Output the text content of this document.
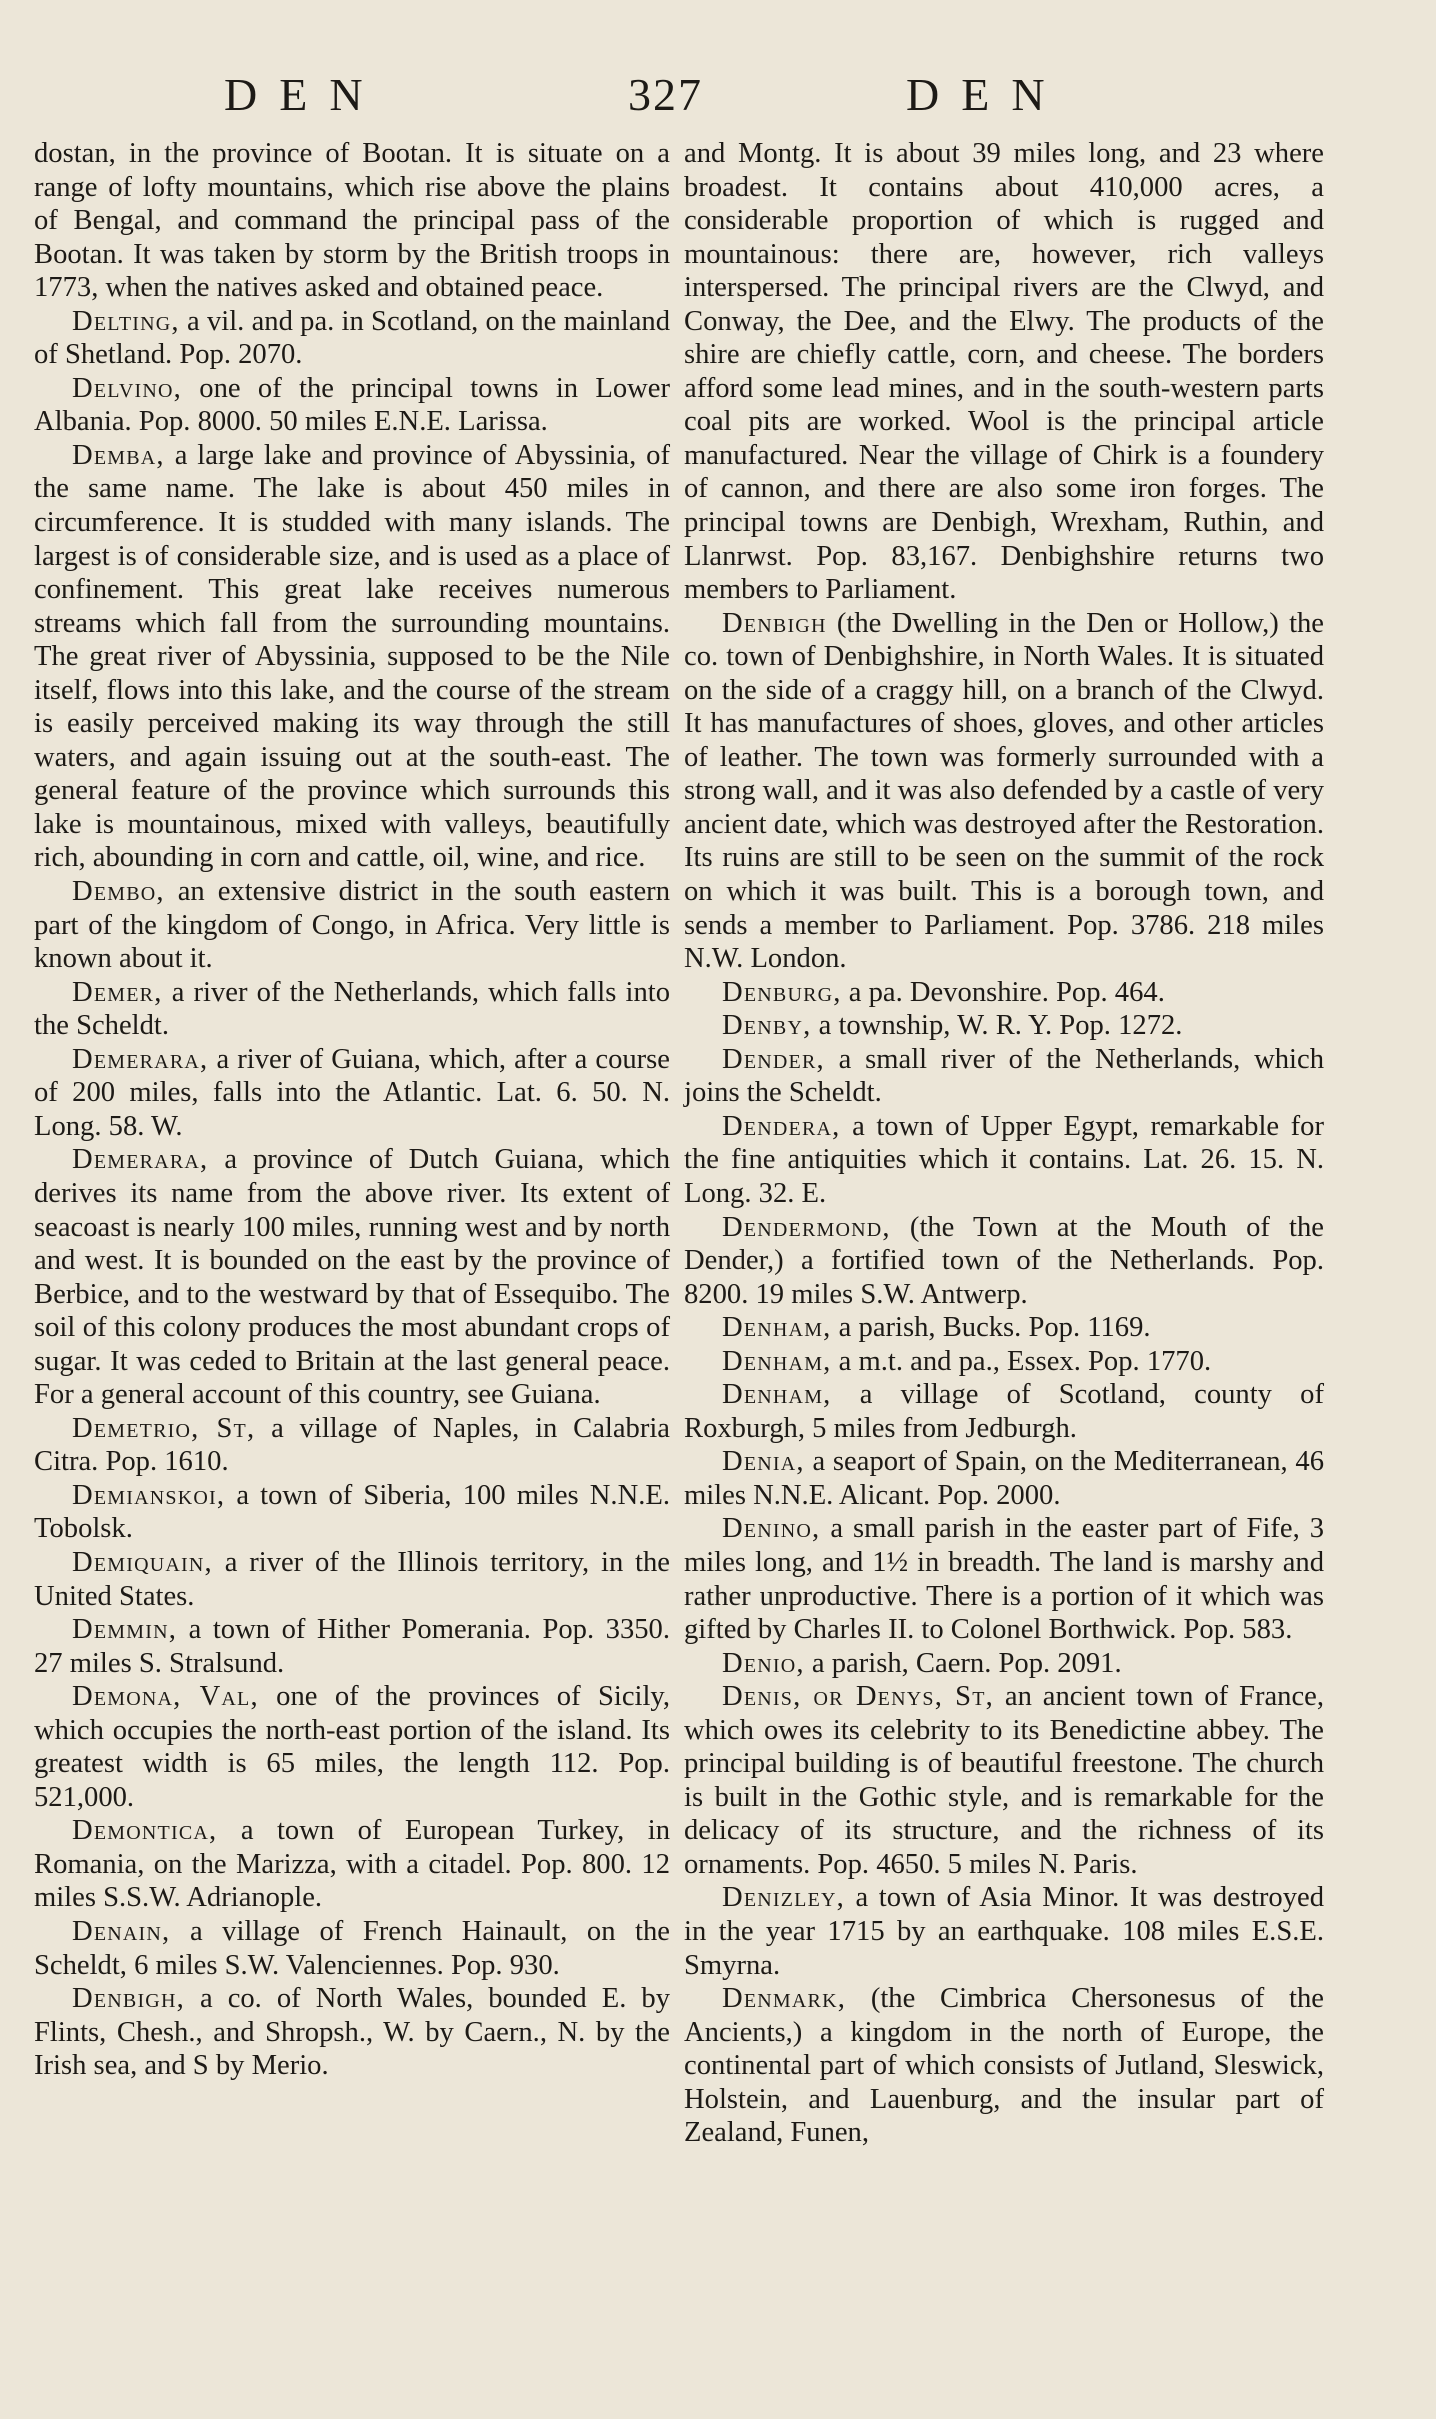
DEN	327	DEN

dostan, in the province of Bootan. It is situate on a range of lofty mountains, which rise above the plains of Bengal, and command the principal pass of the Bootan. It was taken by storm by the British troops in 1773, when the natives asked and obtained peace.

Delting, a vil. and pa. in Scotland, on the mainland of Shetland. Pop. 2070.

Delvino, one of the principal towns in Lower Albania. Pop. 8000. 50 miles E.N.E. Larissa.

Demba, a large lake and province of Abyssinia, of the same name. The lake is about 450 miles in circumference. It is studded with many islands. The largest is of considerable size, and is used as a place of confinement. This great lake receives numerous streams which fall from the surrounding mountains. The great river of Abyssinia, supposed to be the Nile itself, flows into this lake, and the course of the stream is easily perceived making its way through the still waters, and again issuing out at the south-east. The general feature of the province which surrounds this lake is mountainous, mixed with valleys, beautifully rich, abounding in corn and cattle, oil, wine, and rice.

Dembo, an extensive district in the south eastern part of the kingdom of Congo, in Africa. Very little is known about it.

Demer, a river of the Netherlands, which falls into the Scheldt.

Demerara, a river of Guiana, which, after a course of 200 miles, falls into the Atlantic. Lat. 6. 50. N. Long. 58. W.

Demerara, a province of Dutch Guiana, which derives its name from the above river. Its extent of seacoast is nearly 100 miles, running west and by north and west. It is bounded on the east by the province of Berbice, and to the westward by that of Essequibo. The soil of this colony produces the most abundant crops of sugar. It was ceded to Britain at the last general peace. For a general account of this country, see Guiana.

Demetrio, St, a village of Naples, in Calabria Citra. Pop. 1610.

Demianskoi, a town of Siberia, 100 miles N.N.E. Tobolsk.

Demiquain, a river of the Illinois territory, in the United States.

Demmin, a town of Hither Pomerania. Pop. 3350. 27 miles S. Stralsund.

Demona, Val, one of the provinces of Sicily, which occupies the north-east portion of the island. Its greatest width is 65 miles, the length 112. Pop. 521,000.

Demontica, a town of European Turkey, in Romania, on the Marizza, with a citadel. Pop. 800. 12 miles S.S.W. Adrianople.

Denain, a village of French Hainault, on the Scheldt, 6 miles S.W. Valenciennes. Pop. 930.

Denbigh, a co. of North Wales, bounded E. by Flints, Chesh., and Shropsh., W. by Caern., N. by the Irish sea, and S by Merio.

and Montg. It is about 39 miles long, and 23 where broadest. It contains about 410,000 acres, a considerable proportion of which is rugged and mountainous: there are, however, rich valleys interspersed. The principal rivers are the Clwyd, and Conway, the Dee, and the Elwy. The products of the shire are chiefly cattle, corn, and cheese. The borders afford some lead mines, and in the south-western parts coal pits are worked. Wool is the principal article manufactured. Near the village of Chirk is a foundery of cannon, and there are also some iron forges. The principal towns are Denbigh, Wrexham, Ruthin, and Llanrwst. Pop. 83,167. Denbighshire returns two members to Parliament.

Denbigh (the Dwelling in the Den or Hollow,) the co. town of Denbighshire, in North Wales. It is situated on the side of a craggy hill, on a branch of the Clwyd. It has manufactures of shoes, gloves, and other articles of leather. The town was formerly surrounded with a strong wall, and it was also defended by a castle of very ancient date, which was destroyed after the Restoration. Its ruins are still to be seen on the summit of the rock on which it was built. This is a borough town, and sends a member to Parliament. Pop. 3786. 218 miles N.W. London.

Denburg, a pa. Devonshire. Pop. 464.

Denby, a township, W. R. Y. Pop. 1272.

Dender, a small river of the Netherlands, which joins the Scheldt.

Dendera, a town of Upper Egypt, remarkable for the fine antiquities which it contains. Lat. 26. 15. N. Long. 32. E.

Dendermond, (the Town at the Mouth of the Dender,) a fortified town of the Netherlands. Pop. 8200. 19 miles S.W. Antwerp.

Denham, a parish, Bucks. Pop. 1169.

Denham, a m.t. and pa., Essex. Pop. 1770.

Denham, a village of Scotland, county of Roxburgh, 5 miles from Jedburgh.

Denia, a seaport of Spain, on the Mediterranean, 46 miles N.N.E. Alicant. Pop. 2000.

Denino, a small parish in the easter part of Fife, 3 miles long, and 1½ in breadth. The land is marshy and rather unproductive. There is a portion of it which was gifted by Charles II. to Colonel Borthwick. Pop. 583.

Denio, a parish, Caern. Pop. 2091.

Denis, or Denys, St, an ancient town of France, which owes its celebrity to its Benedictine abbey. The principal building is of beautiful freestone. The church is built in the Gothic style, and is remarkable for the delicacy of its structure, and the richness of its ornaments. Pop. 4650. 5 miles N. Paris.

Denizley, a town of Asia Minor. It was destroyed in the year 1715 by an earthquake. 108 miles E.S.E. Smyrna.

Denmark, (the Cimbrica Chersonesus of the Ancients,) a kingdom in the north of Europe, the continental part of which consists of Jutland, Sleswick, Holstein, and Lauenburg, and the insular part of Zealand, Funen,
